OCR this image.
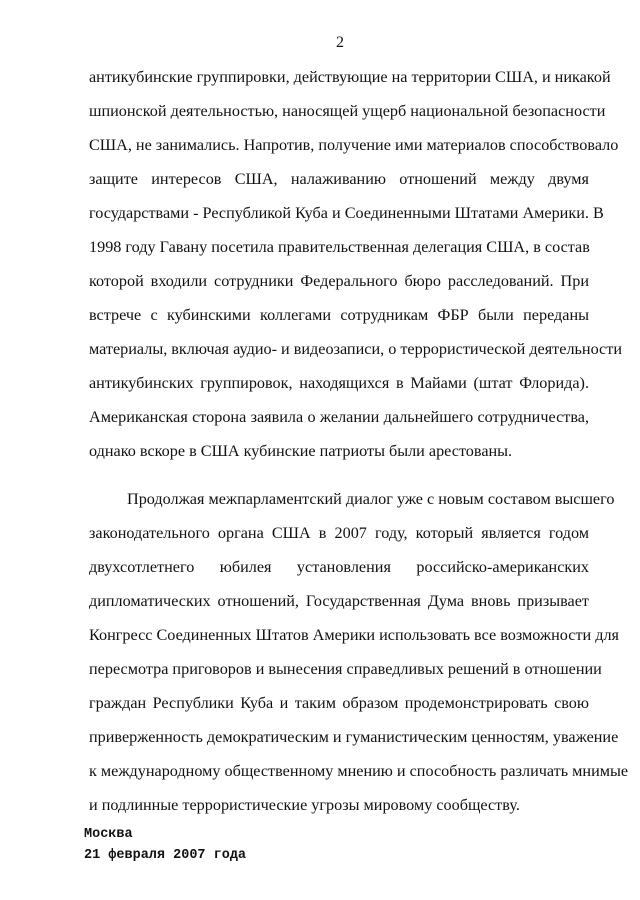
2
антикубинские группировки, действующие на территории США, и никакой
шпионской деятельностью, наносящей ущерб национальной безопасности
США, не занимались. Напротив, получение ими материалов способствовало
защите интересов США, налаживанию отношений между двумя
государствами - Республикой Куба и Соединенными Штатами Америки. В
1998 году Гавану посетила правительственная делегация США, в состав
которой входили сотрудники Федерального бюро расследований. При
встрече с кубинскими коллегами сотрудникам ФБР были переданы
материалы, включая аудио- и видеозаписи, о террористической деятельности
антикубинских группировок, находящихся в Майами (штат Флорида).
Американская сторона заявила о желании дальнейшего сотрудничества,
однако вскоре в США кубинские патриоты были арестованы.
Продолжая межпарламентский диалог уже с новым составом высшего
законодательного органа США в 2007 году, который является годом
двухсотлетнего юбилея установления российско-американских
дипломатических отношений, Государственная Дума вновь призывает
Конгресс Соединенных Штатов Америки использовать все возможности для
пересмотра приговоров и вынесения справедливых решений в отношении
граждан Республики Куба и таким образом продемонстрировать свою
приверженность демократическим и гуманистическим ценностям, уважение
к международному общественному мнению и способность различать мнимые
и подлинные террористические угрозы мировому сообществу.
Москва
21 февраля 2007 года
